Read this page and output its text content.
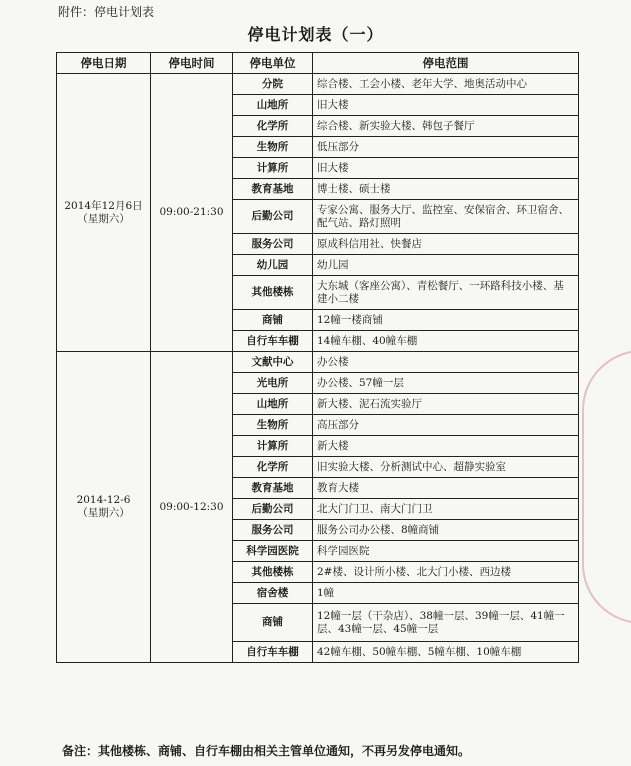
附件：停电计划表
停电计划表（一）
停电日期	停电时间	停电单位	停电范围

2014年12月6日
（星期六）	09:00-21:30	分院	综合楼、工会小楼、老年大学、地奥活动中心
		山地所	旧大楼
		化学所	综合楼、新实验大楼、韩包子餐厅
		生物所	低压部分
		计算所	旧大楼
		教育基地	博士楼、硕士楼
		后勤公司	专家公寓、服务大厅、监控室、安保宿舍、环卫宿舍、配气站、路灯照明
		服务公司	原成科信用社、快餐店
		幼儿园	幼儿园
		其他楼栋	大东城（客座公寓）、青松餐厅、一环路科技小楼、基建小二楼
		商铺	12幢一楼商铺
		自行车车棚	14幢车棚、40幢车棚

2014-12-6
（星期六）	09:00-12:30	文献中心	办公楼
		光电所	办公楼、57幢一层
		山地所	新大楼、泥石流实验厅
		生物所	高压部分
		计算所	新大楼
		化学所	旧实验大楼、分析测试中心、超静实验室
		教育基地	教育大楼
		后勤公司	北大门门卫、南大门门卫
		服务公司	服务公司办公楼、8幢商铺
		科学园医院	科学园医院
		其他楼栋	2#楼、设计所小楼、北大门小楼、西边楼
		宿舍楼	1幢
		商铺	12幢一层（干杂店）、38幢一层、39幢一层、41幢一层、43幢一层、45幢一层
		自行车车棚	42幢车棚、50幢车棚、5幢车棚、10幢车棚
备注：其他楼栋、商铺、自行车棚由相关主管单位通知，不再另发停电通知。
